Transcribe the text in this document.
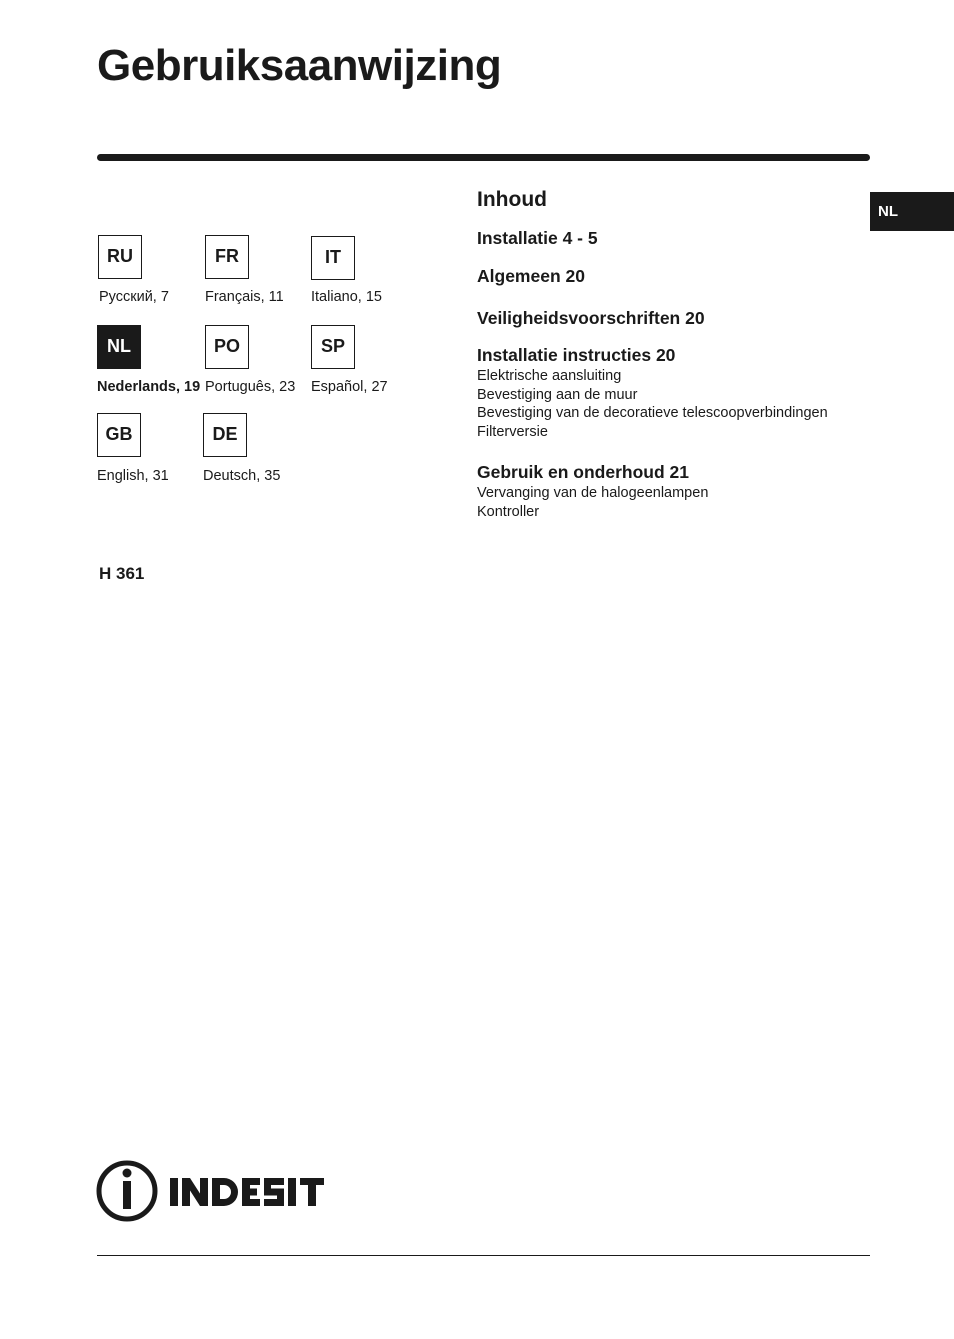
Gebruiksaanwijzing
NL
RU
Русский, 7
FR
Français, 11
IT
Italiano, 15
NL
Nederlands, 19
PO
Português, 23
SP
Español, 27
GB
English, 31
DE
Deutsch, 35
H 361
Inhoud
Installatie 4 - 5
Algemeen 20
Veiligheidsvoorschriften 20
Installatie instructies 20
Elektrische aansluiting
Bevestiging aan de muur
Bevestiging van de decoratieve telescoopverbindingen
Filterversie
Gebruik en onderhoud 21
Vervanging van de halogeenlampen
Kontroller
